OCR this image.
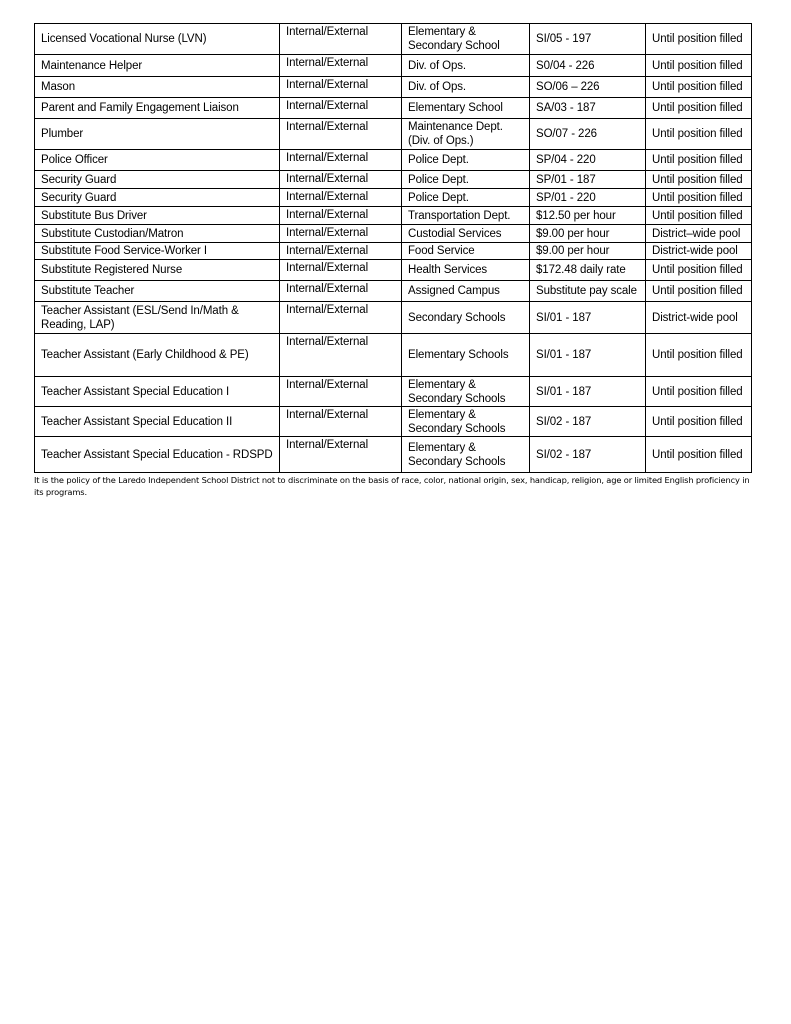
Licensed Vocational Nurse (LVN)	Internal/External	Elementary &
Secondary School	SI/05 - 197	Until position filled

Maintenance Helper	Internal/External	Div. of Ops.	S0/04 - 226	Until position filled

Mason	Internal/External	Div. of Ops.	SO/06 – 226	Until position filled

Parent and Family Engagement Liaison	Internal/External	Elementary School	SA/03 - 187	Until position filled

Plumber	Internal/External	Maintenance Dept.
(Div. of Ops.)	SO/07 - 226	Until position filled

Police Officer	Internal/External	Police Dept.	SP/04 - 220	Until position filled

Security Guard	Internal/External	Police Dept.	SP/01 - 187	Until position filled

Security Guard	Internal/External	Police Dept.	SP/01 - 220	Until position filled

Substitute Bus Driver	Internal/External	Transportation Dept.	$12.50 per hour	Until position filled

Substitute Custodian/Matron	Internal/External	Custodial Services	$9.00 per hour	District–wide pool

Substitute Food Service-Worker I	Internal/External	Food Service	$9.00 per hour	District-wide pool

Substitute Registered Nurse	Internal/External	Health Services	$172.48 daily rate	Until position filled

Substitute Teacher	Internal/External	Assigned Campus	Substitute pay scale	Until position filled

Teacher Assistant (ESL/Send In/Math &
Reading, LAP)	Internal/External	Secondary Schools	SI/01 - 187	District-wide pool

Teacher Assistant (Early Childhood & PE)	Internal/External	Elementary Schools	SI/01 - 187	Until position filled

Teacher Assistant Special Education I	Internal/External	Elementary &
Secondary Schools	SI/01 - 187	Until position filled

Teacher Assistant Special Education II	Internal/External	Elementary &
Secondary Schools	SI/02 - 187	Until position filled

Teacher Assistant Special Education - RDSPD	Internal/External	Elementary &
Secondary Schools	SI/02 - 187	Until position filled
It is the policy of the Laredo Independent School District not to discriminate on the basis of race, color, national origin, sex, handicap, religion, age or limited English proficiency in its programs.
